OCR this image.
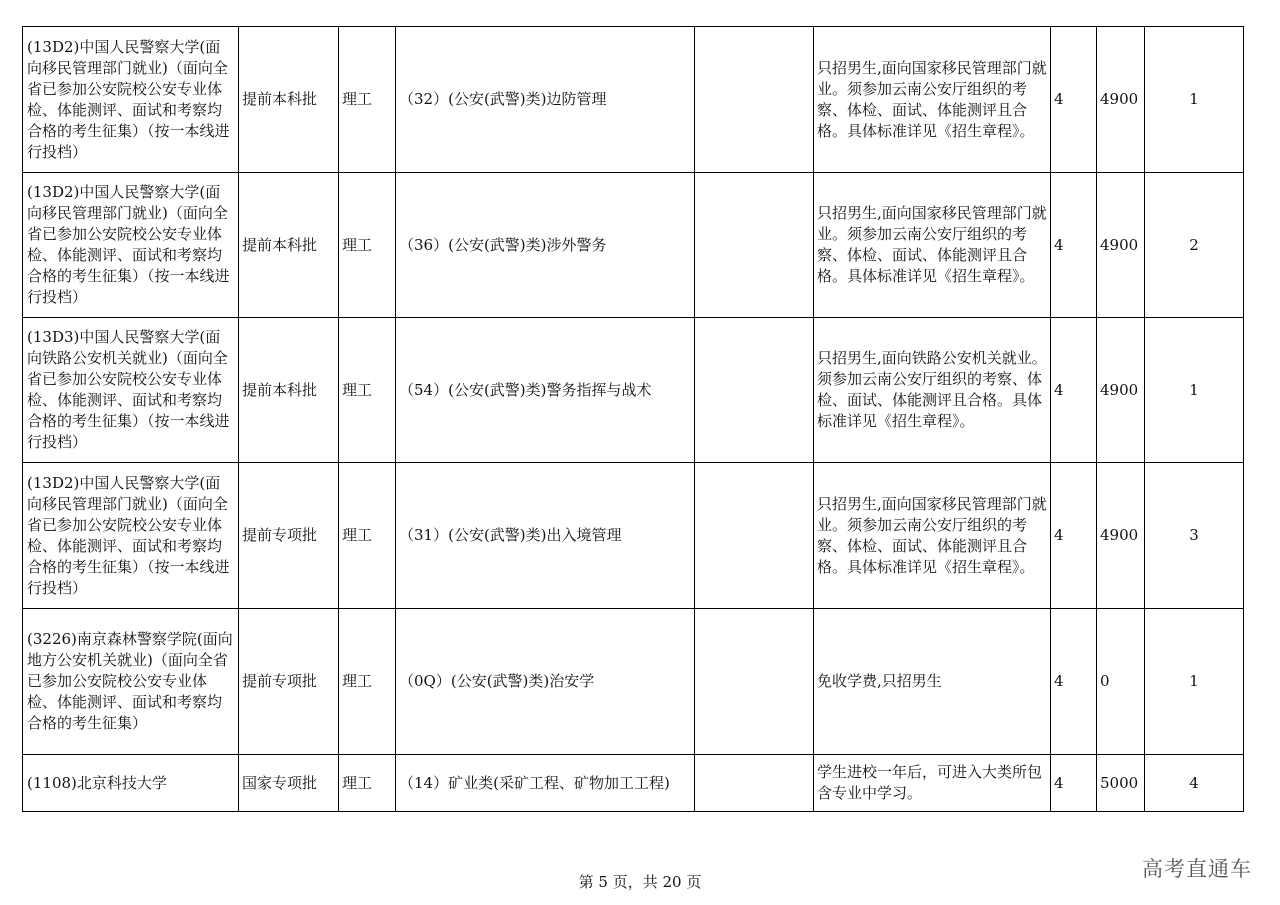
(13D2)中国人民警察大学(面向移民管理部门就业)（面向全省已参加公安院校公安专业体检、体能测评、面试和考察均合格的考生征集）（按一本线进行投档）	提前本科批	理工	（32）(公安(武警)类)边防管理		只招男生,面向国家移民管理部门就业。须参加云南公安厅组织的考察、体检、面试、体能测评且合格。具体标准详见《招生章程》。	4	4900	1
(13D2)中国人民警察大学(面向移民管理部门就业)（面向全省已参加公安院校公安专业体检、体能测评、面试和考察均合格的考生征集）（按一本线进行投档）	提前本科批	理工	（36）(公安(武警)类)涉外警务		只招男生,面向国家移民管理部门就业。须参加云南公安厅组织的考察、体检、面试、体能测评且合格。具体标准详见《招生章程》。	4	4900	2
(13D3)中国人民警察大学(面向铁路公安机关就业)（面向全省已参加公安院校公安专业体检、体能测评、面试和考察均合格的考生征集）（按一本线进行投档）	提前本科批	理工	（54）(公安(武警)类)警务指挥与战术		只招男生,面向铁路公安机关就业。须参加云南公安厅组织的考察、体检、面试、体能测评且合格。具体标准详见《招生章程》。	4	4900	1
(13D2)中国人民警察大学(面向移民管理部门就业)（面向全省已参加公安院校公安专业体检、体能测评、面试和考察均合格的考生征集）（按一本线进行投档）	提前专项批	理工	（31）(公安(武警)类)出入境管理		只招男生,面向国家移民管理部门就业。须参加云南公安厅组织的考察、体检、面试、体能测评且合格。具体标准详见《招生章程》。	4	4900	3
(3226)南京森林警察学院(面向地方公安机关就业)（面向全省已参加公安院校公安专业体检、体能测评、面试和考察均合格的考生征集）	提前专项批	理工	（0Q）(公安(武警)类)治安学		免收学费,只招男生	4	0	1
(1108)北京科技大学	国家专项批	理工	（14）矿业类(采矿工程、矿物加工工程)		学生进校一年后，可进入大类所包含专业中学习。	4	5000	4
第 5 页，共 20 页
高考直通车
